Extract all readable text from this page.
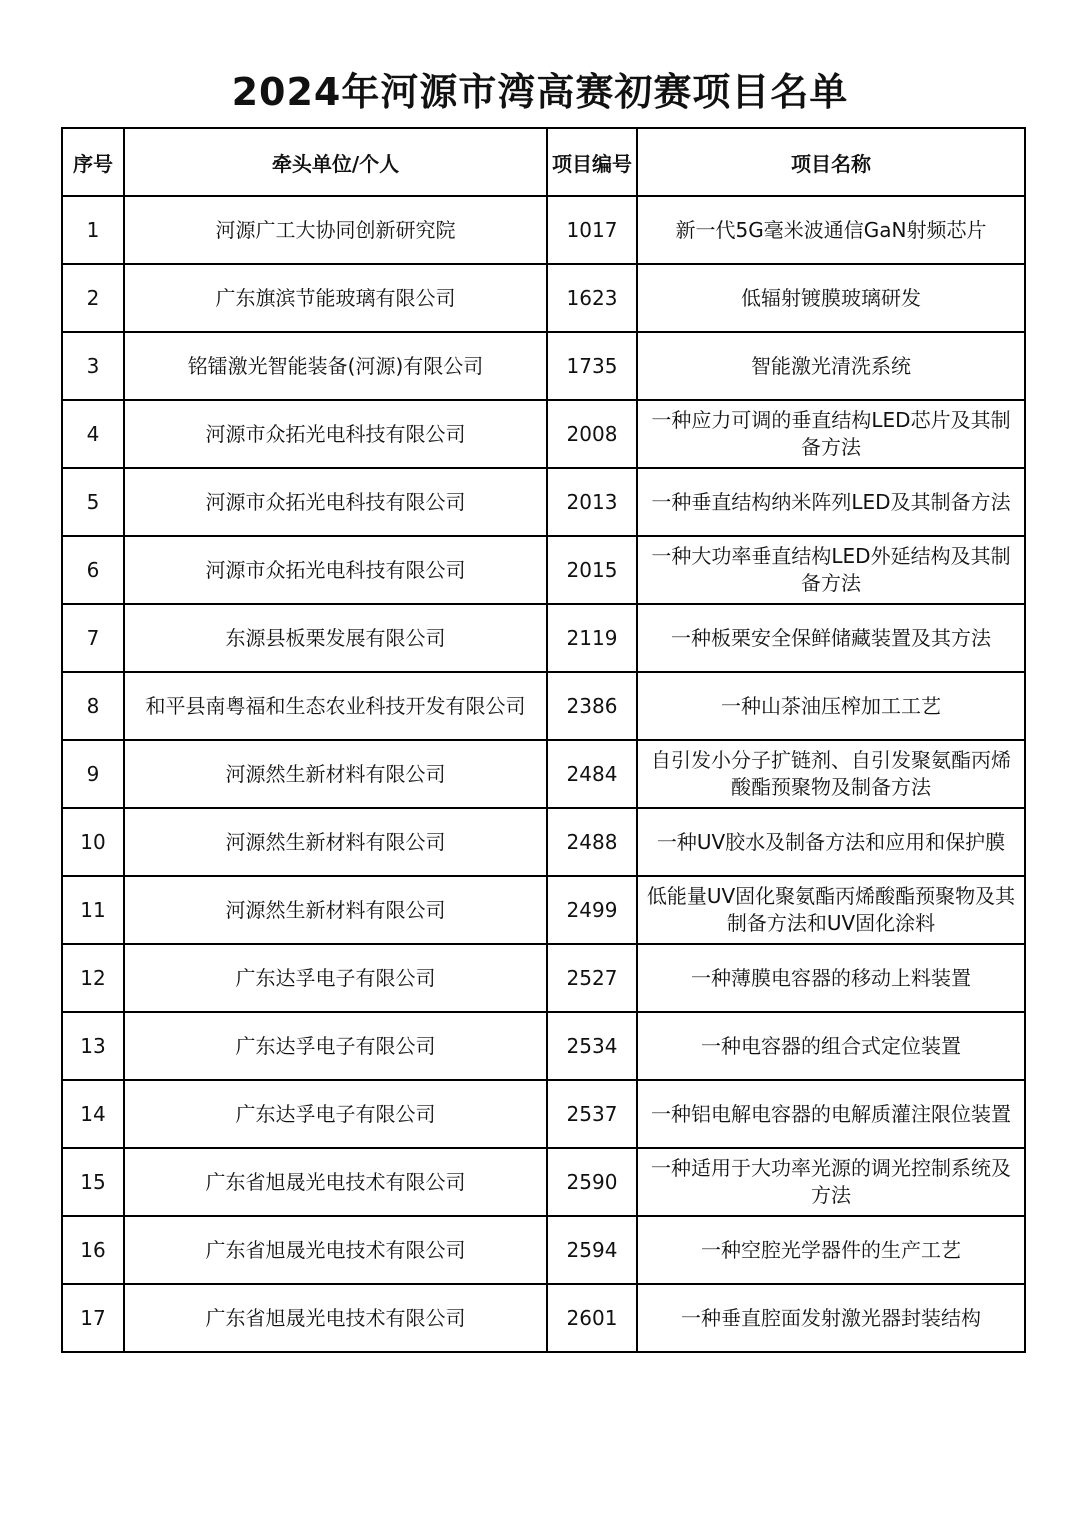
2024年河源市湾高赛初赛项目名单
序号	牵头单位/个人	项目编号	项目名称
1	河源广工大协同创新研究院	1017	新一代5G毫米波通信GaN射频芯片
2	广东旗滨节能玻璃有限公司	1623	低辐射镀膜玻璃研发
3	铭镭激光智能装备(河源)有限公司	1735	智能激光清洗系统
4	河源市众拓光电科技有限公司	2008	一种应力可调的垂直结构LED芯片及其制备方法
5	河源市众拓光电科技有限公司	2013	一种垂直结构纳米阵列LED及其制备方法
6	河源市众拓光电科技有限公司	2015	一种大功率垂直结构LED外延结构及其制备方法
7	东源县板栗发展有限公司	2119	一种板栗安全保鲜储藏装置及其方法
8	和平县南粤福和生态农业科技开发有限公司	2386	一种山茶油压榨加工工艺
9	河源然生新材料有限公司	2484	自引发小分子扩链剂、自引发聚氨酯丙烯酸酯预聚物及制备方法
10	河源然生新材料有限公司	2488	一种UV胶水及制备方法和应用和保护膜
11	河源然生新材料有限公司	2499	低能量UV固化聚氨酯丙烯酸酯预聚物及其制备方法和UV固化涂料
12	广东达孚电子有限公司	2527	一种薄膜电容器的移动上料装置
13	广东达孚电子有限公司	2534	一种电容器的组合式定位装置
14	广东达孚电子有限公司	2537	一种铝电解电容器的电解质灌注限位装置
15	广东省旭晟光电技术有限公司	2590	一种适用于大功率光源的调光控制系统及方法
16	广东省旭晟光电技术有限公司	2594	一种空腔光学器件的生产工艺
17	广东省旭晟光电技术有限公司	2601	一种垂直腔面发射激光器封装结构
